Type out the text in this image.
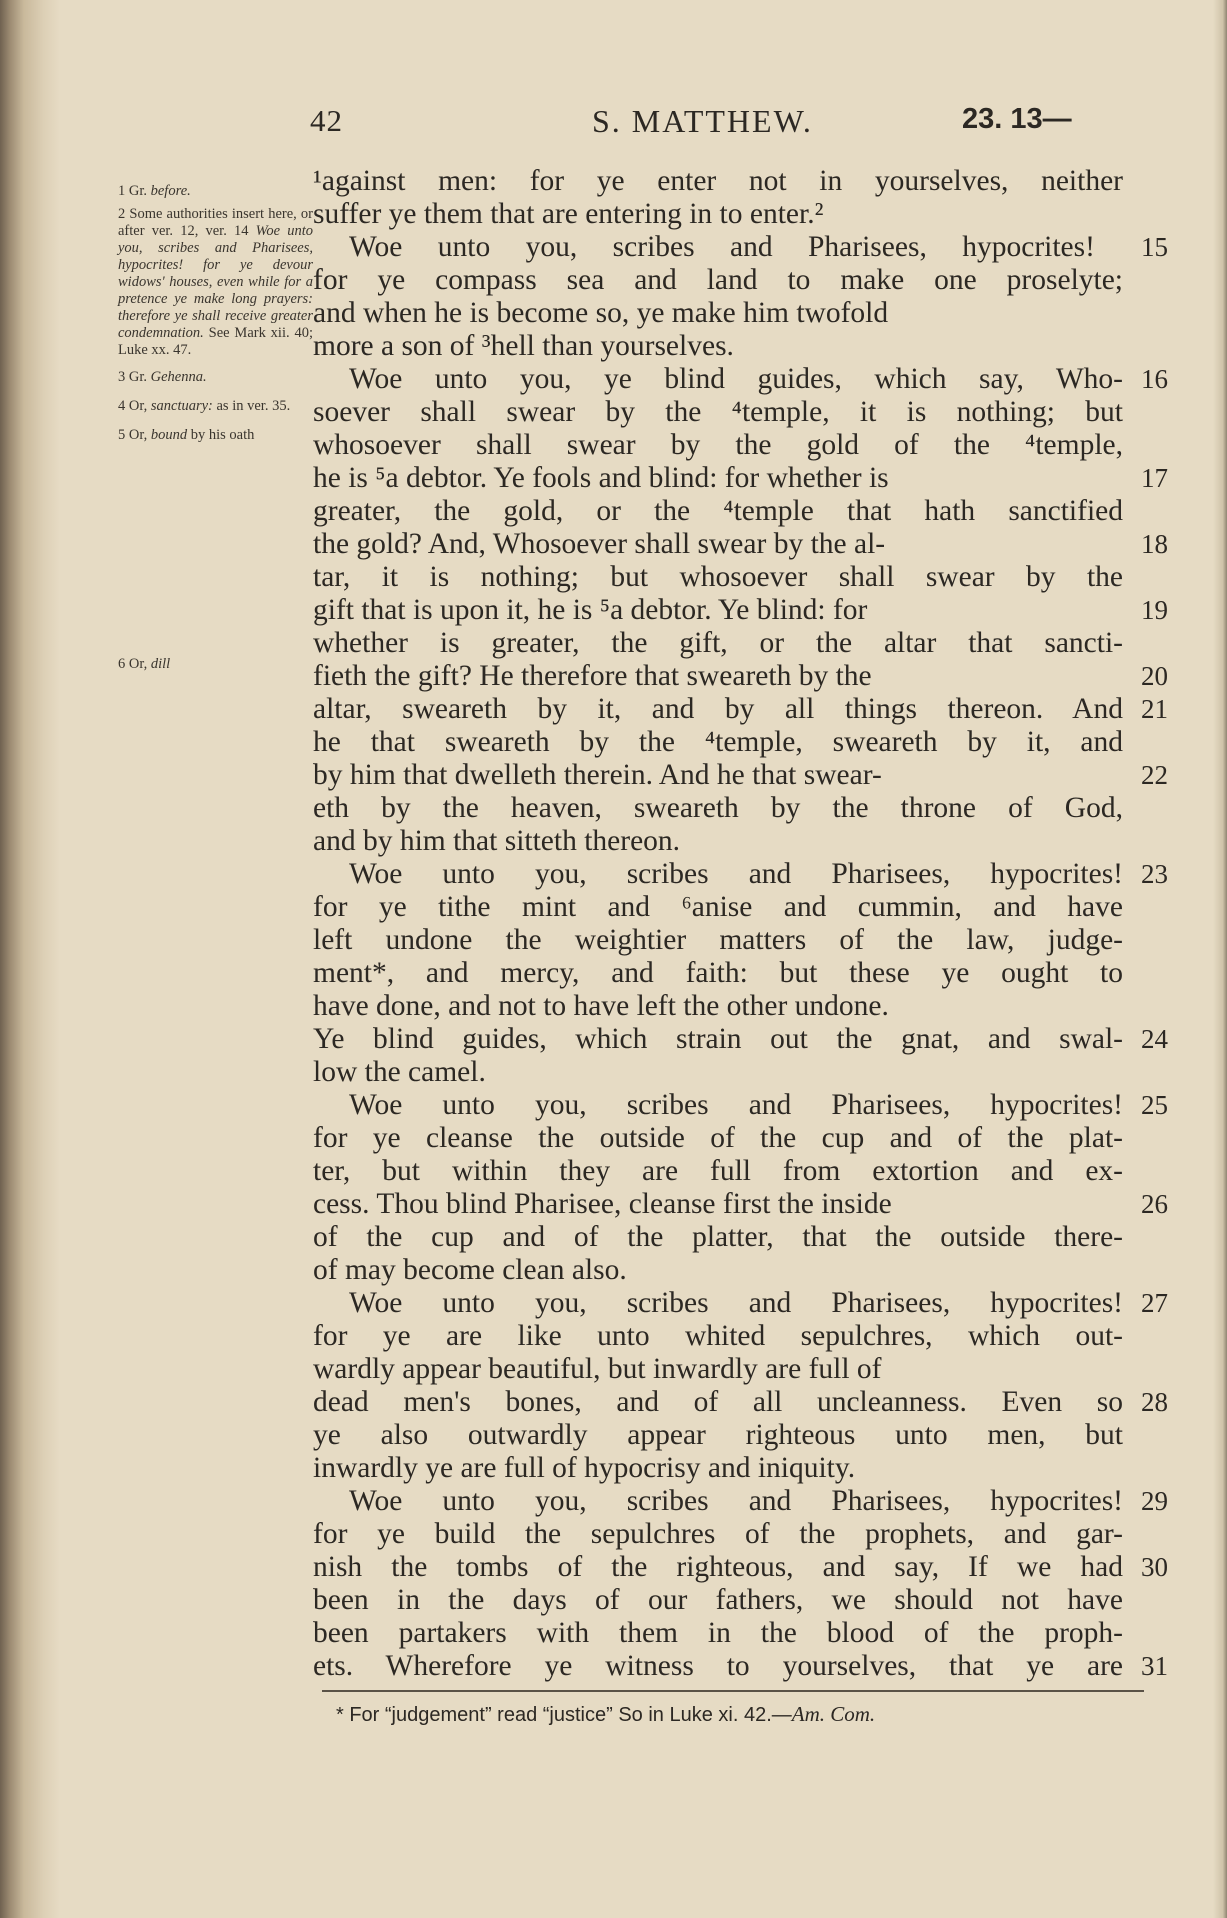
42	S. MATTHEW.	23. 13—
1 Gr. before.
2 Some authorities insert here, or after ver. 12, ver. 14 Woe unto you, scribes and Pharisees, hypocrites! for ye devour widows' houses, even while for a pretence ye make long prayers: therefore ye shall receive greater condemnation. See Mark xii. 40; Luke xx. 47.
3 Gr. Gehenna.
4 Or, sanctuary: as in ver. 35.
5 Or, bound by his oath
6 Or, dill
¹against men: for ye enter not in yourselves, neither
suffer ye them that are entering in to enter.²
Woe unto you, scribes and Pharisees, hypocrites! 15
for ye compass sea and land to make one proselyte;
and when he is become so, ye make him twofold
more a son of ³hell than yourselves.
Woe unto you, ye blind guides, which say, Who- 16
soever shall swear by the ⁴temple, it is nothing; but
whosoever shall swear by the gold of the ⁴temple,
he is ⁵a debtor. Ye fools and blind: for whether is	17
greater, the gold, or the ⁴temple that hath sanctified
the gold? And, Whosoever shall swear by the al-	18
tar, it is nothing; but whosoever shall swear by the
gift that is upon it, he is ⁵a debtor. Ye blind: for	19
whether is greater, the gift, or the altar that sancti-
fieth the gift? He therefore that sweareth by the	20
altar, sweareth by it, and by all things thereon. And 21
he that sweareth by the ⁴temple, sweareth by it, and
by him that dwelleth therein. And he that swear-	22
eth by the heaven, sweareth by the throne of God,
and by him that sitteth thereon.
Woe unto you, scribes and Pharisees, hypocrites! 23
for ye tithe mint and ⁶anise and cummin, and have
left undone the weightier matters of the law, judge-
ment*, and mercy, and faith: but these ye ought to
have done, and not to have left the other undone.
Ye blind guides, which strain out the gnat, and swal- 24
low the camel.
Woe unto you, scribes and Pharisees, hypocrites! 25
for ye cleanse the outside of the cup and of the plat-
ter, but within they are full from extortion and ex-
cess. Thou blind Pharisee, cleanse first the inside	26
of the cup and of the platter, that the outside there-
of may become clean also.
Woe unto you, scribes and Pharisees, hypocrites! 27
for ye are like unto whited sepulchres, which out-
wardly appear beautiful, but inwardly are full of
dead men's bones, and of all uncleanness. Even so 28
ye also outwardly appear righteous unto men, but
inwardly ye are full of hypocrisy and iniquity.
Woe unto you, scribes and Pharisees, hypocrites! 29
for ye build the sepulchres of the prophets, and gar-
nish the tombs of the righteous, and say, If we had 30
been in the days of our fathers, we should not have
been partakers with them in the blood of the proph-
ets. Wherefore ye witness to yourselves, that ye are 31
* For “judgement” read “justice” So in Luke xi. 42.—Am. Com.
